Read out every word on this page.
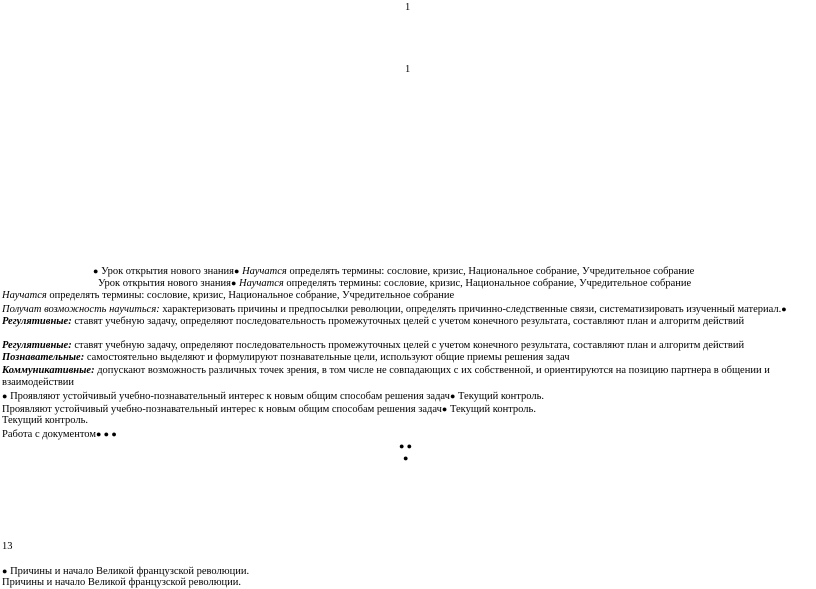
1
1
● Урок открытия нового знания● Научатся определять термины: сословие, кризис, Национальное собрание, Учредительное собрание
Урок открытия нового знания● Научатся определять термины: сословие, кризис, Национальное собрание, Учредительное собрание
Научатся определять термины: сословие, кризис, Национальное собрание, Учредительное собрание
Получат возможность научиться: характеризовать причины и предпосылки революции, определять причинно-следственные связи, систематизировать изученный материал.● Регулятивные: ставят учебную задачу, определяют последовательность промежуточных целей с учетом конечного результата, составляют план и алгоритм действий
Регулятивные: ставят учебную задачу, определяют последовательность промежуточных целей с учетом конечного результата, составляют план и алгоритм действий
Познавательные: самостоятельно выделяют и формулируют познавательные цели, используют общие приемы решения задач
Коммуникативные: допускают возможность различных точек зрения, в том числе не совпадающих с их собственной, и ориентируются на позицию партнера в общении и взаимодействии
● Проявляют устойчивый учебно-познавательный интерес к новым общим способам решения задач● Текущий контроль.
Проявляют устойчивый учебно-познавательный интерес к новым общим способам решения задач● Текущий контроль.
Текущий контроль.
Работа с документом● ● ●
● ●
●
13
● Причины и начало Великой французской революции.
Причины и начало Великой французской революции.
